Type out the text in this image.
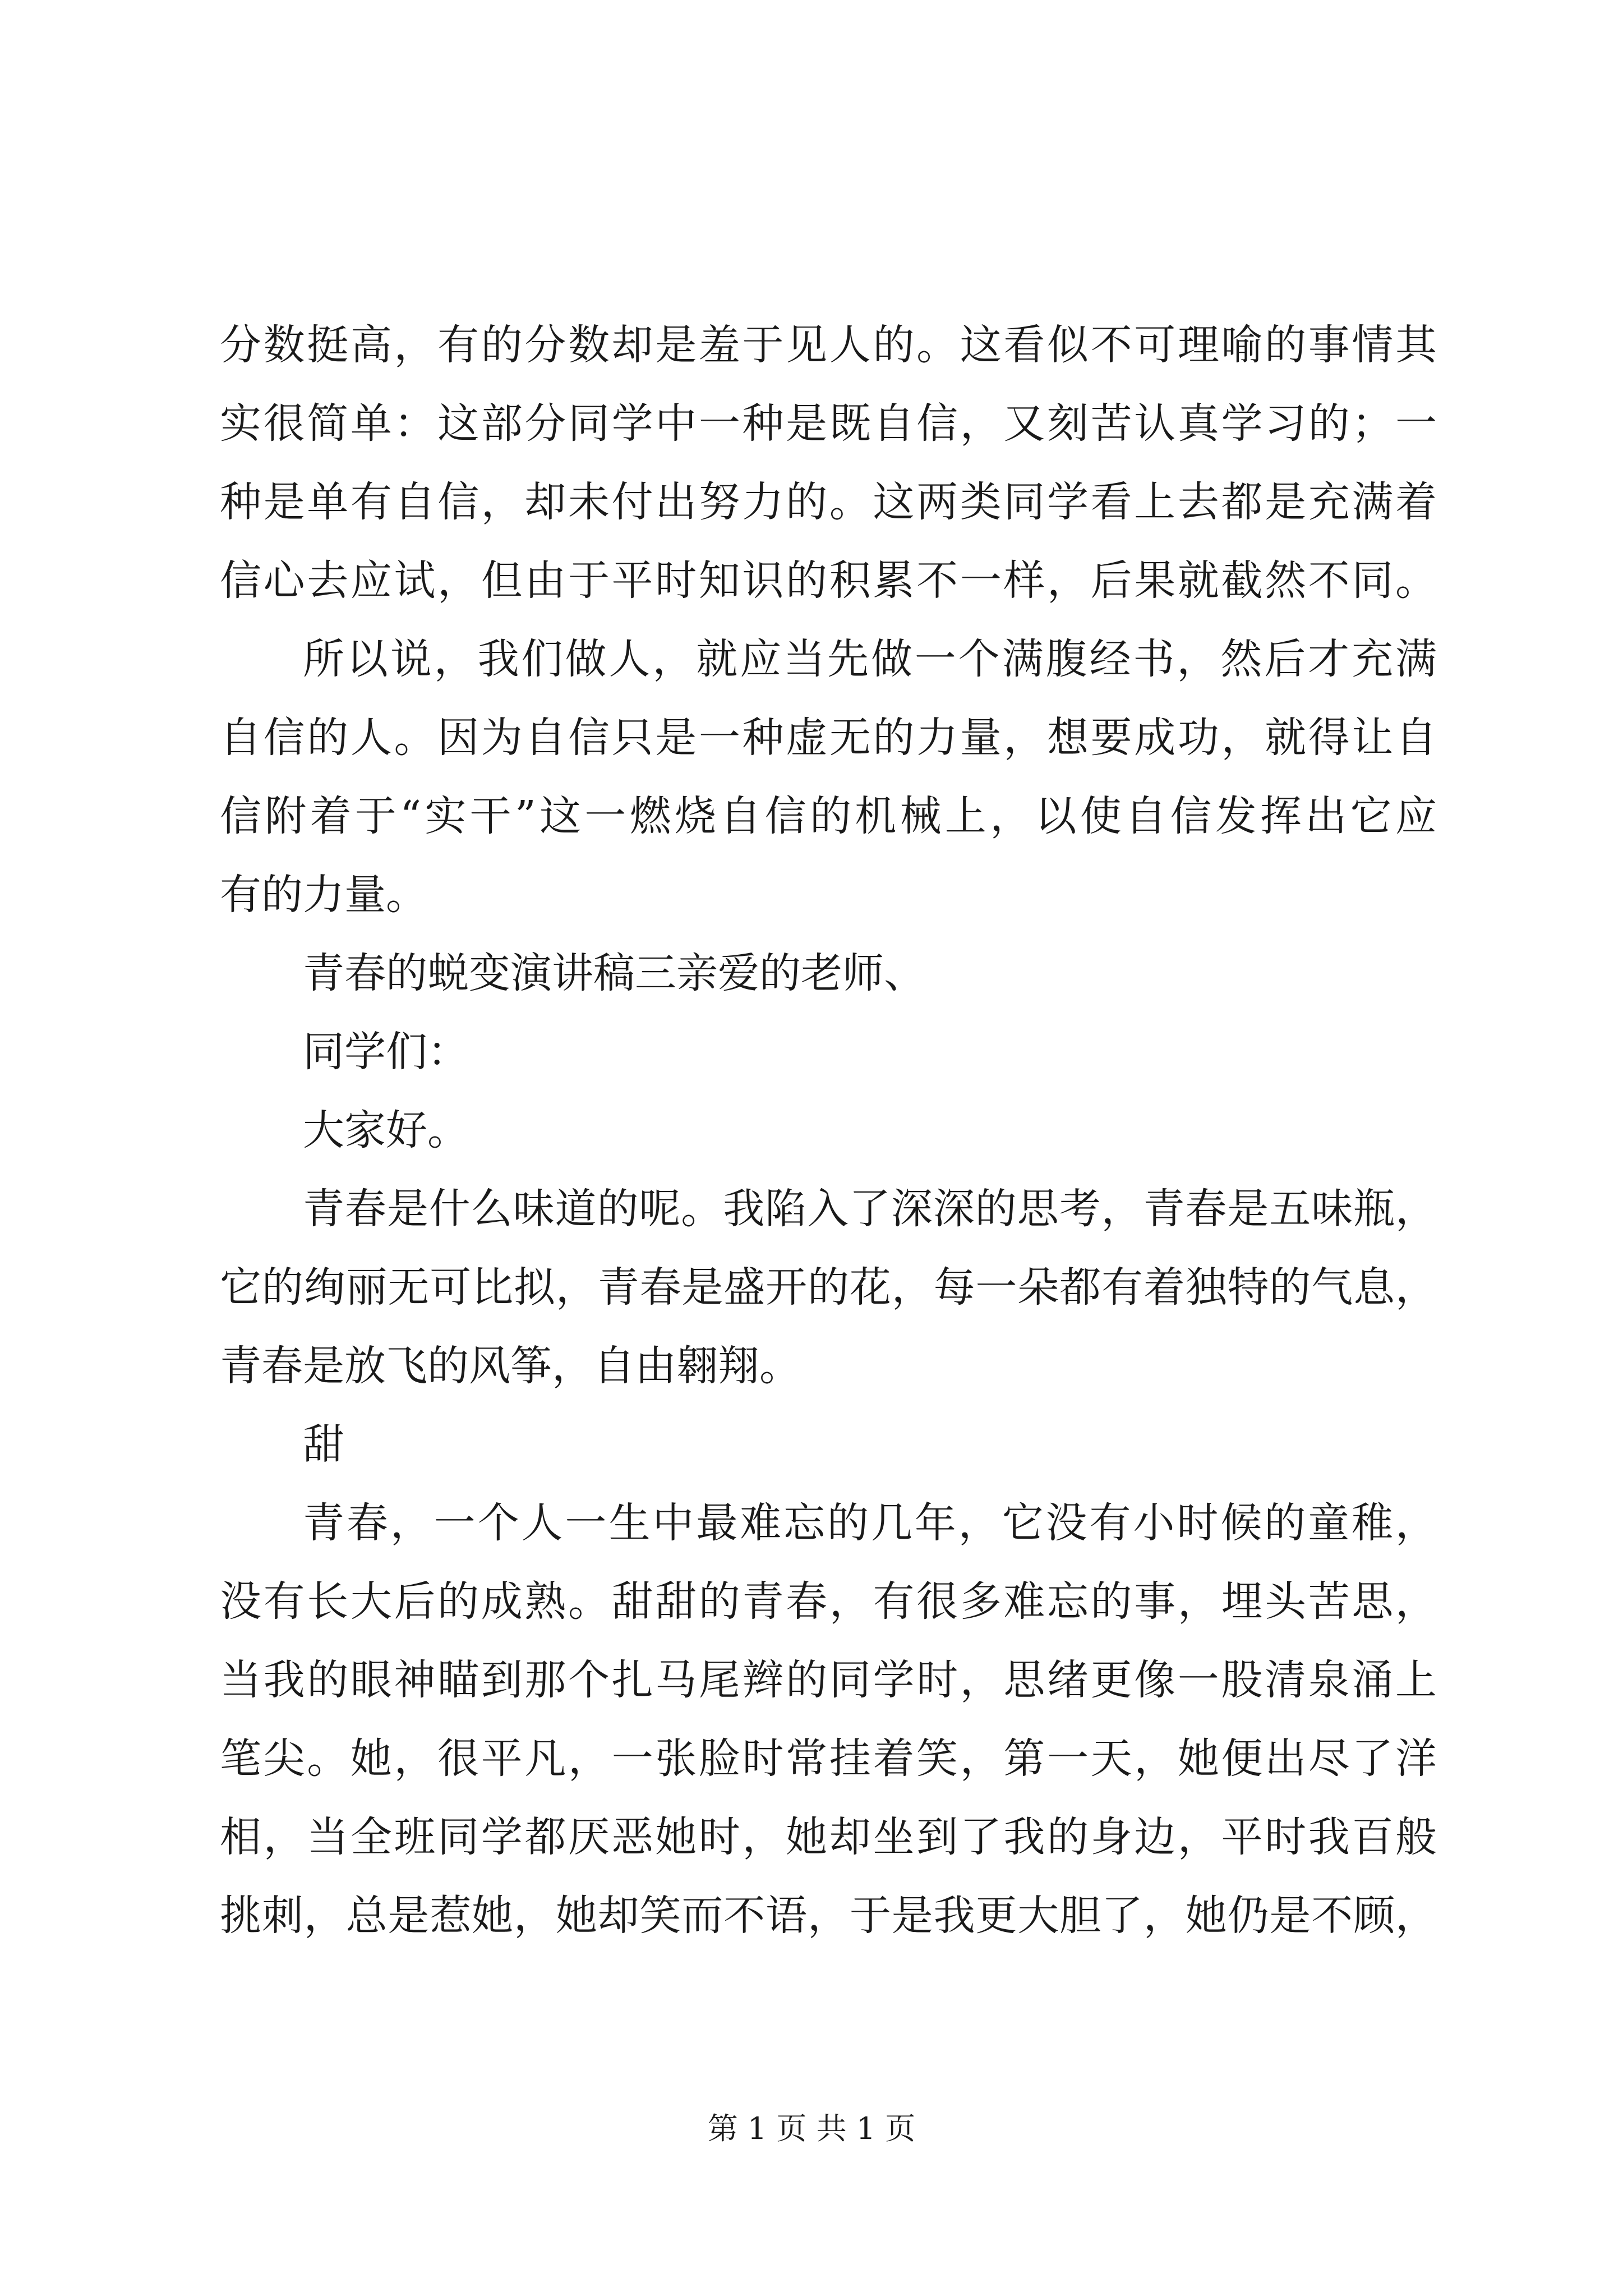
分数挺高，有的分数却是羞于见人的。这看似不可理喻的事情其
实很简单：这部分同学中一种是既自信，又刻苦认真学习的；一
种是单有自信，却未付出努力的。这两类同学看上去都是充满着
信心去应试，但由于平时知识的积累不一样，后果就截然不同。
所以说，我们做人，就应当先做一个满腹经书，然后才充满
自信的人。因为自信只是一种虚无的力量，想要成功，就得让自
信附着于“实干”这一燃烧自信的机械上，以使自信发挥出它应
有的力量。
青春的蜕变演讲稿三亲爱的老师、
同学们：
大家好。
青春是什么味道的呢。我陷入了深深的思考，青春是五味瓶，
它的绚丽无可比拟，青春是盛开的花，每一朵都有着独特的气息，
青春是放飞的风筝，自由翱翔。
甜
青春，一个人一生中最难忘的几年，它没有小时候的童稚，
没有长大后的成熟。甜甜的青春，有很多难忘的事，埋头苦思，
当我的眼神瞄到那个扎马尾辫的同学时，思绪更像一股清泉涌上
笔尖。她，很平凡，一张脸时常挂着笑，第一天，她便出尽了洋
相，当全班同学都厌恶她时，她却坐到了我的身边，平时我百般
挑刺，总是惹她，她却笑而不语，于是我更大胆了，她仍是不顾，
第 1 页 共 1 页
